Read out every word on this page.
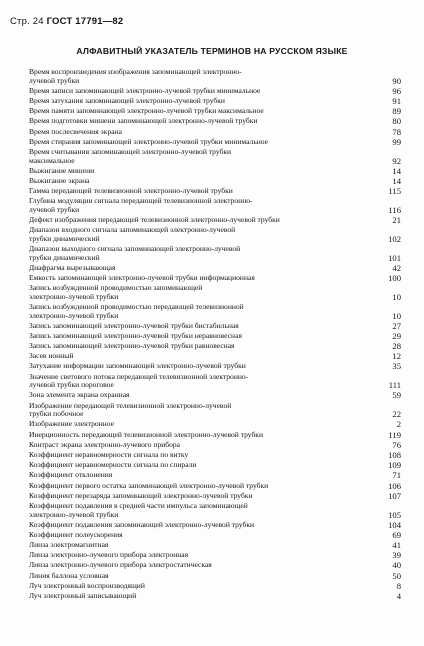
Стр. 24 ГОСТ 17791—82
АЛФАВИТНЫЙ УКАЗАТЕЛЬ ТЕРМИНОВ НА РУССКОМ ЯЗЫКЕ
Время воспроизведения изображения запоминающей электронно-
лучевой трубки	90
Время записи запоминающей электронно-лучевой трубки минимальное	96
Время затухания запоминающей электронно-лучевой трубки	91
Время памяти запоминающей электронно-лучевой трубки максимальное	89
Время подготовки мишени запоминающей электронно-лучевой трубки	80
Время послесвечения экрана	78
Время стирания запоминающей электронно-лучевой трубки минимальное	99
Время считывания запоминающей электронно-лучевой трубки
максимальное	92
Выжигание мишени	14
Выжигание экрана	14
Гамма передающей телевизионной электронно-лучевой трубки	115
Глубина модуляции сигнала передающей телевизионной электронно-
лучевой трубки	116
Дефект изображения передающей телевизионной электронно-лучевой трубки	21
Диапазон входного сигнала запоминающей электронно-лучевой
трубки динамический	102
Диапазон выходного сигнала запоминающей электронно-лучевой
трубки динамический	101
Диафрагма вырезывающая	42
Емкость запоминающей электронно-лучевой трубки информационная	100
Запись возбужденной проводимостью запоминающей
электронно-лучевой трубки	10
Запись возбужденной проводимостью передающей телевизионной
электронно-лучевой трубки	10
Запись запоминающей электронно-лучевой трубки бистабильная	27
Запись запоминающей электронно-лучевой трубки неравновесная	29
Запись запоминающей электронно-лучевой трубки равновесная	28
Засев ионный	12
Затухание информации запоминающей электронно-лучевой трубки	35
Значение светового потока передающей телевизионной электронно-
лучевой трубки пороговое	111
Зона элемента экрана охранная	59
Изображение передающей телевизионной электронно-лучевой
трубки побочное	22
Изображение электронное	2
Инерционность передающей телевизионной электронно-лучевой трубки	119
Контраст экрана электронно-лучевого прибора	76
Коэффициент неравномерности сигнала по витку	108
Коэффициент неравномерности сигнала по спирали	109
Коэффициент отклонения	71
Коэффициент первого остатка запоминающей электронно-лучевой трубки	106
Коэффициент перезаряда запоминающей электронно-лучевой трубки	107
Коэффициент подавления в средней части импульса запоминающей
электронно-лучевой трубки	105
Коэффициент подавления запоминающей электронно-лучевой трубки	104
Коэффициент полеускорения	69
Линза электромагнитная	41
Линза электронно-лучевого прибора электронная	39
Линза электронно-лучевого прибора электростатическая	40
Линия баллона условная	50
Луч электронный воспроизводящий	8
Луч электронный записывающий	4
